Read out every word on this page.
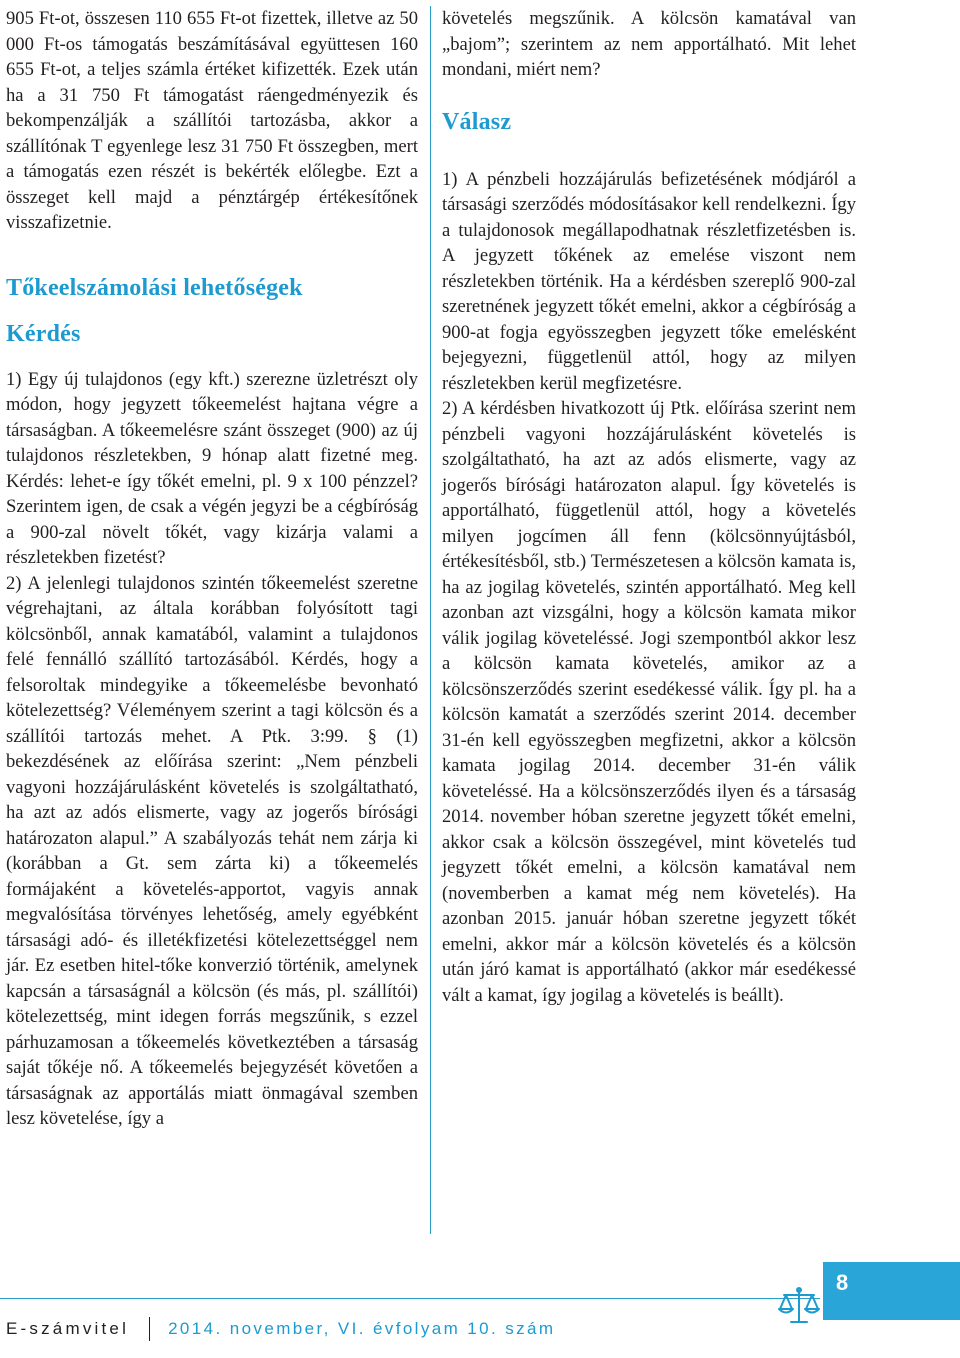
905 Ft-ot, összesen 110 655 Ft-ot fizettek, illetve az 50 000 Ft-os támogatás beszámításával együttesen 160 655 Ft-ot, a teljes számla értéket kifizették. Ezek után ha a 31 750 Ft támogatást ráengedményezik és bekompenzálják a szállítói tartozásba, akkor a szállítónak T egyenlege lesz 31 750 Ft összegben, mert a támogatás ezen részét is bekérték előlegbe. Ezt a összeget kell majd a pénztárgép értékesítőnek visszafizetnie.

Tőkeelszámolási lehetőségek
Kérdés

1) Egy új tulajdonos (egy kft.) szerezne üzletrészt oly módon, hogy jegyzett tőkeemelést hajtana végre a társaságban. A tőkeemelésre szánt összeget (900) az új tulajdonos részletekben, 9 hónap alatt fizetné meg. Kérdés: lehet-e így tőkét emelni, pl. 9 x 100 pénzzel? Szerintem igen, de csak a végén jegyzi be a cégbíróság a 900-zal növelt tőkét, vagy kizárja valami a részletekben fizetést?

2) A jelenlegi tulajdonos szintén tőkeemelést szeretne végrehajtani, az általa korábban folyósított tagi kölcsönből, annak kamatából, valamint a tulajdonos felé fennálló szállító tartozásából. Kérdés, hogy a felsoroltak mindegyike a tőkeemelésbe bevonható kötelezettség? Véleményem szerint a tagi kölcsön és a szállítói tartozás mehet. A Ptk. 3:99. § (1) bekezdésének az előírása szerint: „Nem pénzbeli vagyoni hozzájárulásként követelés is szolgáltatható, ha azt az adós elismerte, vagy az jogerős bírósági határozaton alapul.” A szabályozás tehát nem zárja ki (korábban a Gt. sem zárta ki) a tőkeemelés formájaként a követelés-apportot, vagyis annak megvalósítása törvényes lehetőség, amely egyébként társasági adó- és illetékfizetési kötelezettséggel nem jár. Ez esetben hitel-tőke konverzió történik, amelynek kapcsán a társaságnál a kölcsön (és más, pl. szállítói) kötelezettség, mint idegen forrás megszűnik, s ezzel párhuzamosan a tőkeemelés következtében a társaság saját tőkéje nő. A tőkeemelés bejegyzését követően a társaságnak az apportálás miatt önmagával szemben lesz követelése, így a

követelés megszűnik. A kölcsön kamatával van „bajom”; szerintem az nem apportálható. Mit lehet mondani, miért nem?

Válasz

1) A pénzbeli hozzájárulás befizetésének módjáról a társasági szerződés módosításakor kell rendelkezni. Így a tulajdonosok megállapodhatnak részletfizetésben is. A jegyzett tőkének az emelése viszont nem részletekben történik. Ha a kérdésben szereplő 900-zal szeretnének jegyzett tőkét emelni, akkor a cégbíróság a 900-at fogja egyösszegben jegyzett tőke emelésként bejegyezni, függetlenül attól, hogy az milyen részletekben kerül megfizetésre.

2) A kérdésben hivatkozott új Ptk. előírása szerint nem pénzbeli vagyoni hozzájárulásként követelés is szolgáltatható, ha azt az adós elismerte, vagy az jogerős bírósági határozaton alapul. Így követelés is apportálható, függetlenül attól, hogy a követelés milyen jogcímen áll fenn (kölcsönnyújtásból, értékesítésből, stb.) Természetesen a kölcsön kamata is, ha az jogilag követelés, szintén apportálható. Meg kell azonban azt vizsgálni, hogy a kölcsön kamata mikor válik jogilag követeléssé. Jogi szempontból akkor lesz a kölcsön kamata követelés, amikor az a kölcsönszerződés szerint esedékessé válik. Így pl. ha a kölcsön kamatát a szerződés szerint 2014. december 31-én kell egyösszegben megfizetni, akkor a kölcsön kamata jogilag 2014. december 31-én válik követeléssé. Ha a kölcsönszerződés ilyen és a társaság 2014. november hóban szeretne jegyzett tőkét emelni, akkor csak a kölcsön összegével, mint követelés tud jegyzett tőkét emelni, a kölcsön kamatával nem (novemberben a kamat még nem követelés). Ha azonban 2015. január hóban szeretne jegyzett tőkét emelni, akkor már a kölcsön követelés és a kölcsön után járó kamat is apportálható (akkor már esedékessé vált a kamat, így jogilag a követelés is beállt).

E-számvitel 2014. november, VI. évfolyam 10. szám
8
